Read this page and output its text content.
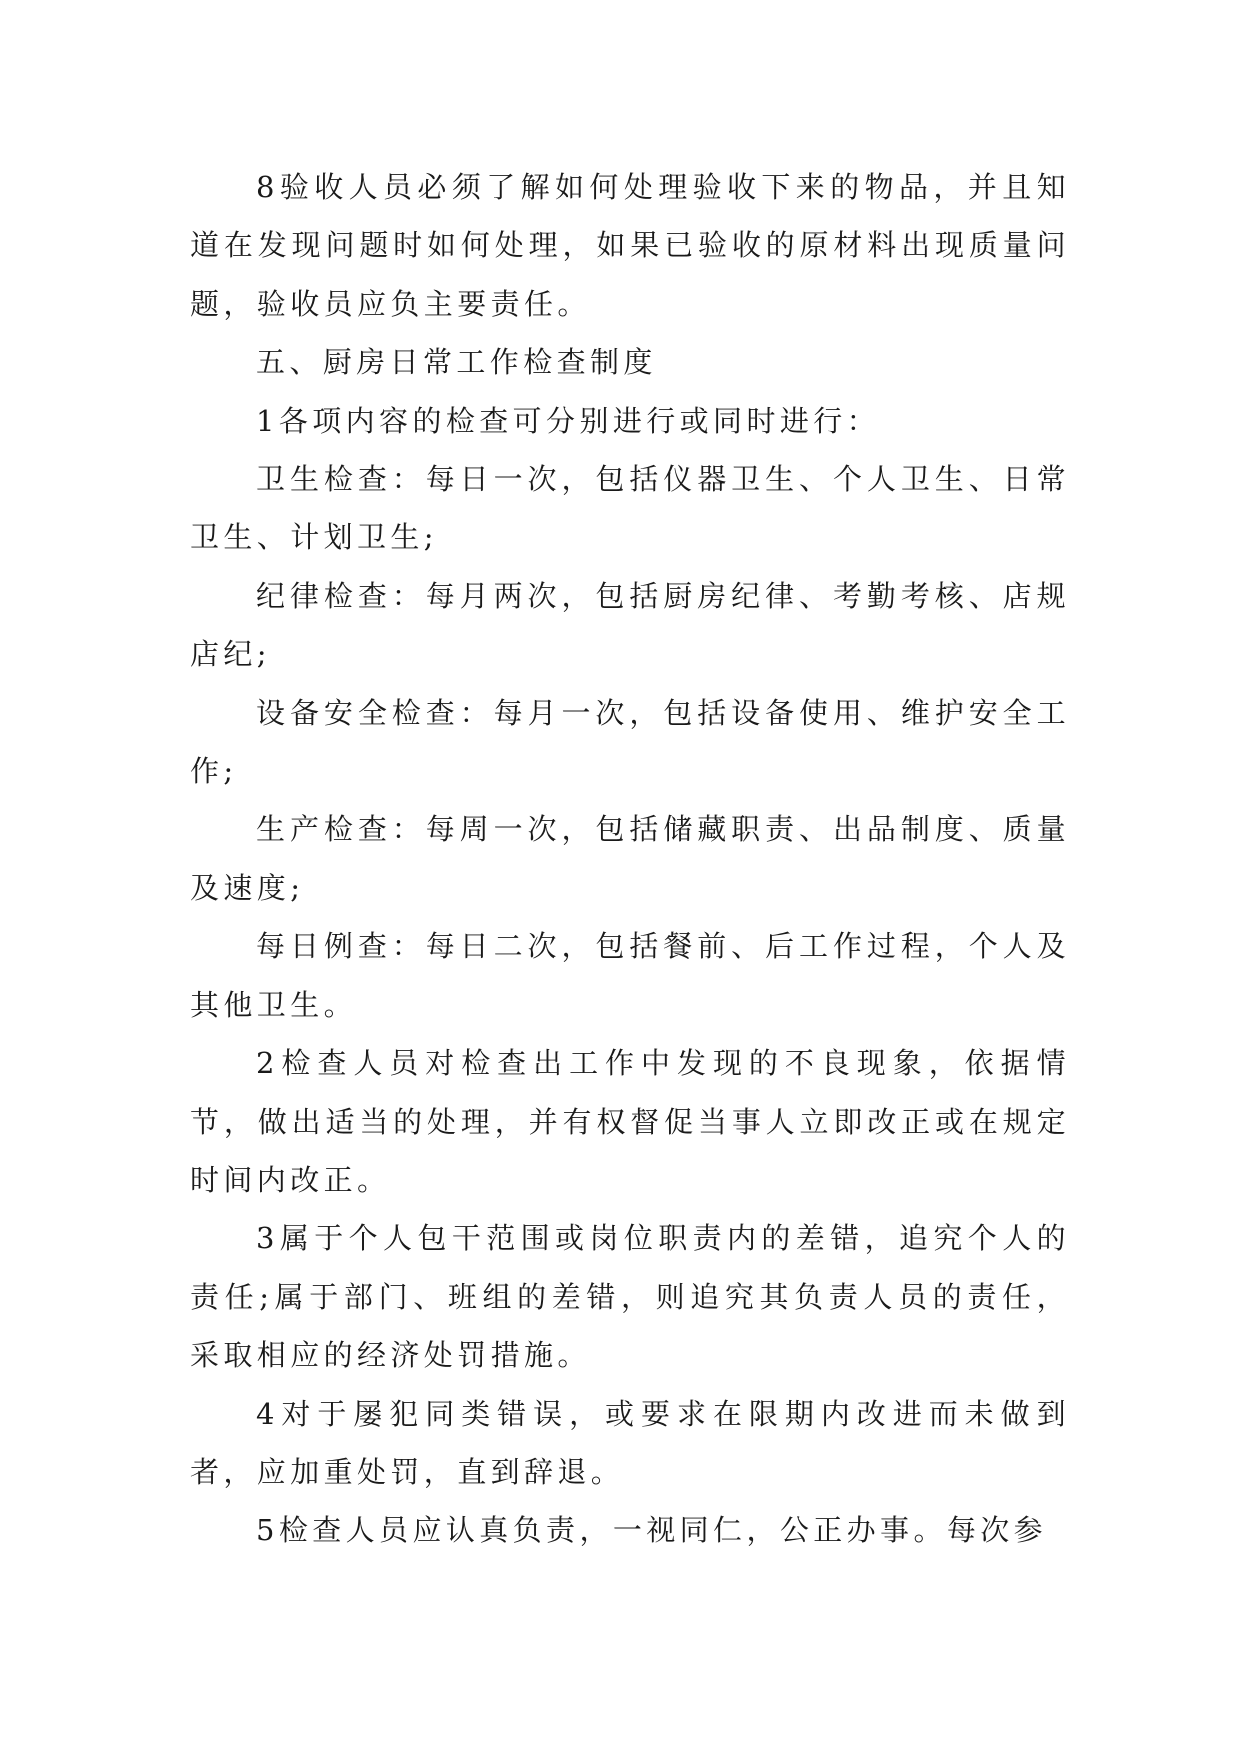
8验收人员必须了解如何处理验收下来的物品，并且知道在发现问题时如何处理，如果已验收的原材料出现质量问题，验收员应负主要责任。

五、厨房日常工作检查制度

1各项内容的检查可分别进行或同时进行：

卫生检查：每日一次，包括仪器卫生、个人卫生、日常卫生、计划卫生;

纪律检查：每月两次，包括厨房纪律、考勤考核、店规店纪;

设备安全检查：每月一次，包括设备使用、维护安全工作;

生产检查：每周一次，包括储藏职责、出品制度、质量及速度;

每日例查：每日二次，包括餐前、后工作过程，个人及其他卫生。

2检查人员对检查出工作中发现的不良现象，依据情节，做出适当的处理，并有权督促当事人立即改正或在规定时间内改正。

3属于个人包干范围或岗位职责内的差错，追究个人的责任;属于部门、班组的差错，则追究其负责人员的责任，采取相应的经济处罚措施。

4对于屡犯同类错误，或要求在限期内改进而未做到者，应加重处罚，直到辞退。

5检查人员应认真负责，一视同仁，公正办事。每次参
